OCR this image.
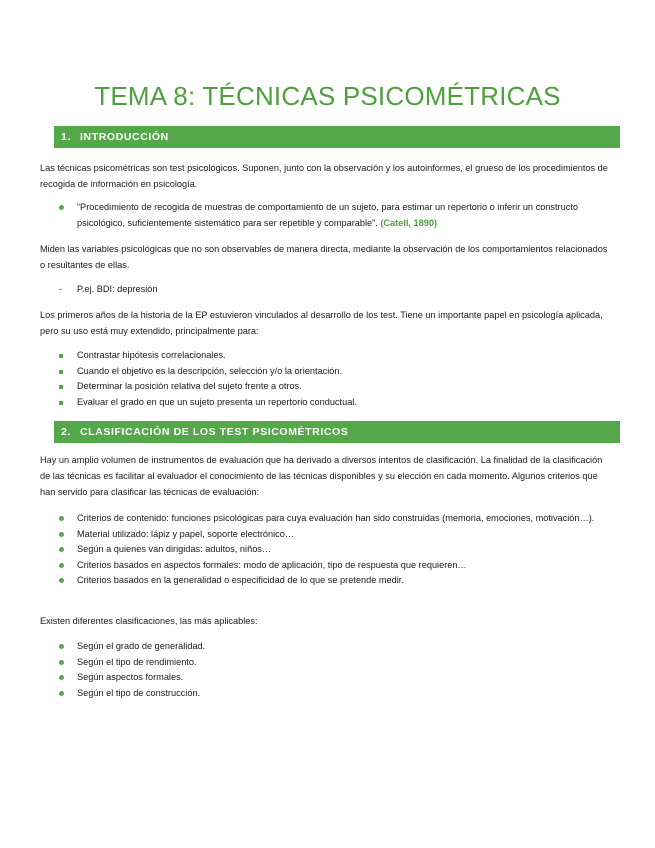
TEMA 8: TÉCNICAS PSICOMÉTRICAS
1. INTRODUCCIÓN
Las técnicas psicométricas son test psicológicos. Suponen, junto con la observación y los autoinformes, el grueso de los procedimientos de recogida de información en psicología.
“Procedimiento de recogida de muestras de comportamiento de un sujeto, para estimar un repertorio o inferir un constructo psicológico, suficientemente sistemático para ser repetible y comparable”. (Catell, 1890)
Miden las variables psicológicas que no son observables de manera directa, mediante la observación de los comportamientos relacionados o resultantes de ellas.
- P.ej. BDI: depresión
Los primeros años de la historia de la EP estuvieron vinculados al desarrollo de los test. Tiene un importante papel en psicología aplicada, pero su uso está muy extendido, principalmente para:
Contrastar hipótesis correlacionales.
Cuando el objetivo es la descripción, selección y/o la orientación.
Determinar la posición relativa del sujeto frente a otros.
Evaluar el grado en que un sujeto presenta un repertorio conductual.
2. CLASIFICACIÓN DE LOS TEST PSICOMÉTRICOS
Hay un amplio volumen de instrumentos de evaluación que ha derivado a diversos intentos de clasificación. La finalidad de la clasificación de las técnicas es facilitar al evaluador el conocimiento de las técnicas disponibles y su elección en cada momento. Algunos criterios que han servido para clasificar las técnicas de evaluación:
Criterios de contenido: funciones psicológicas para cuya evaluación han sido construidas (memoria, emociones, motivación…).
Material utilizado: lápiz y papel, soporte electrónico…
Según a quienes van dirigidas: adultos, niños…
Criterios basados en aspectos formales: modo de aplicación, tipo de respuesta que requieren…
Criterios basados en la generalidad o especificidad de lo que se pretende medir.
Existen diferentes clasificaciones, las más aplicables:
Según el grado de generalidad.
Según el tipo de rendimiento.
Según aspectos formales.
Según el tipo de construcción.
